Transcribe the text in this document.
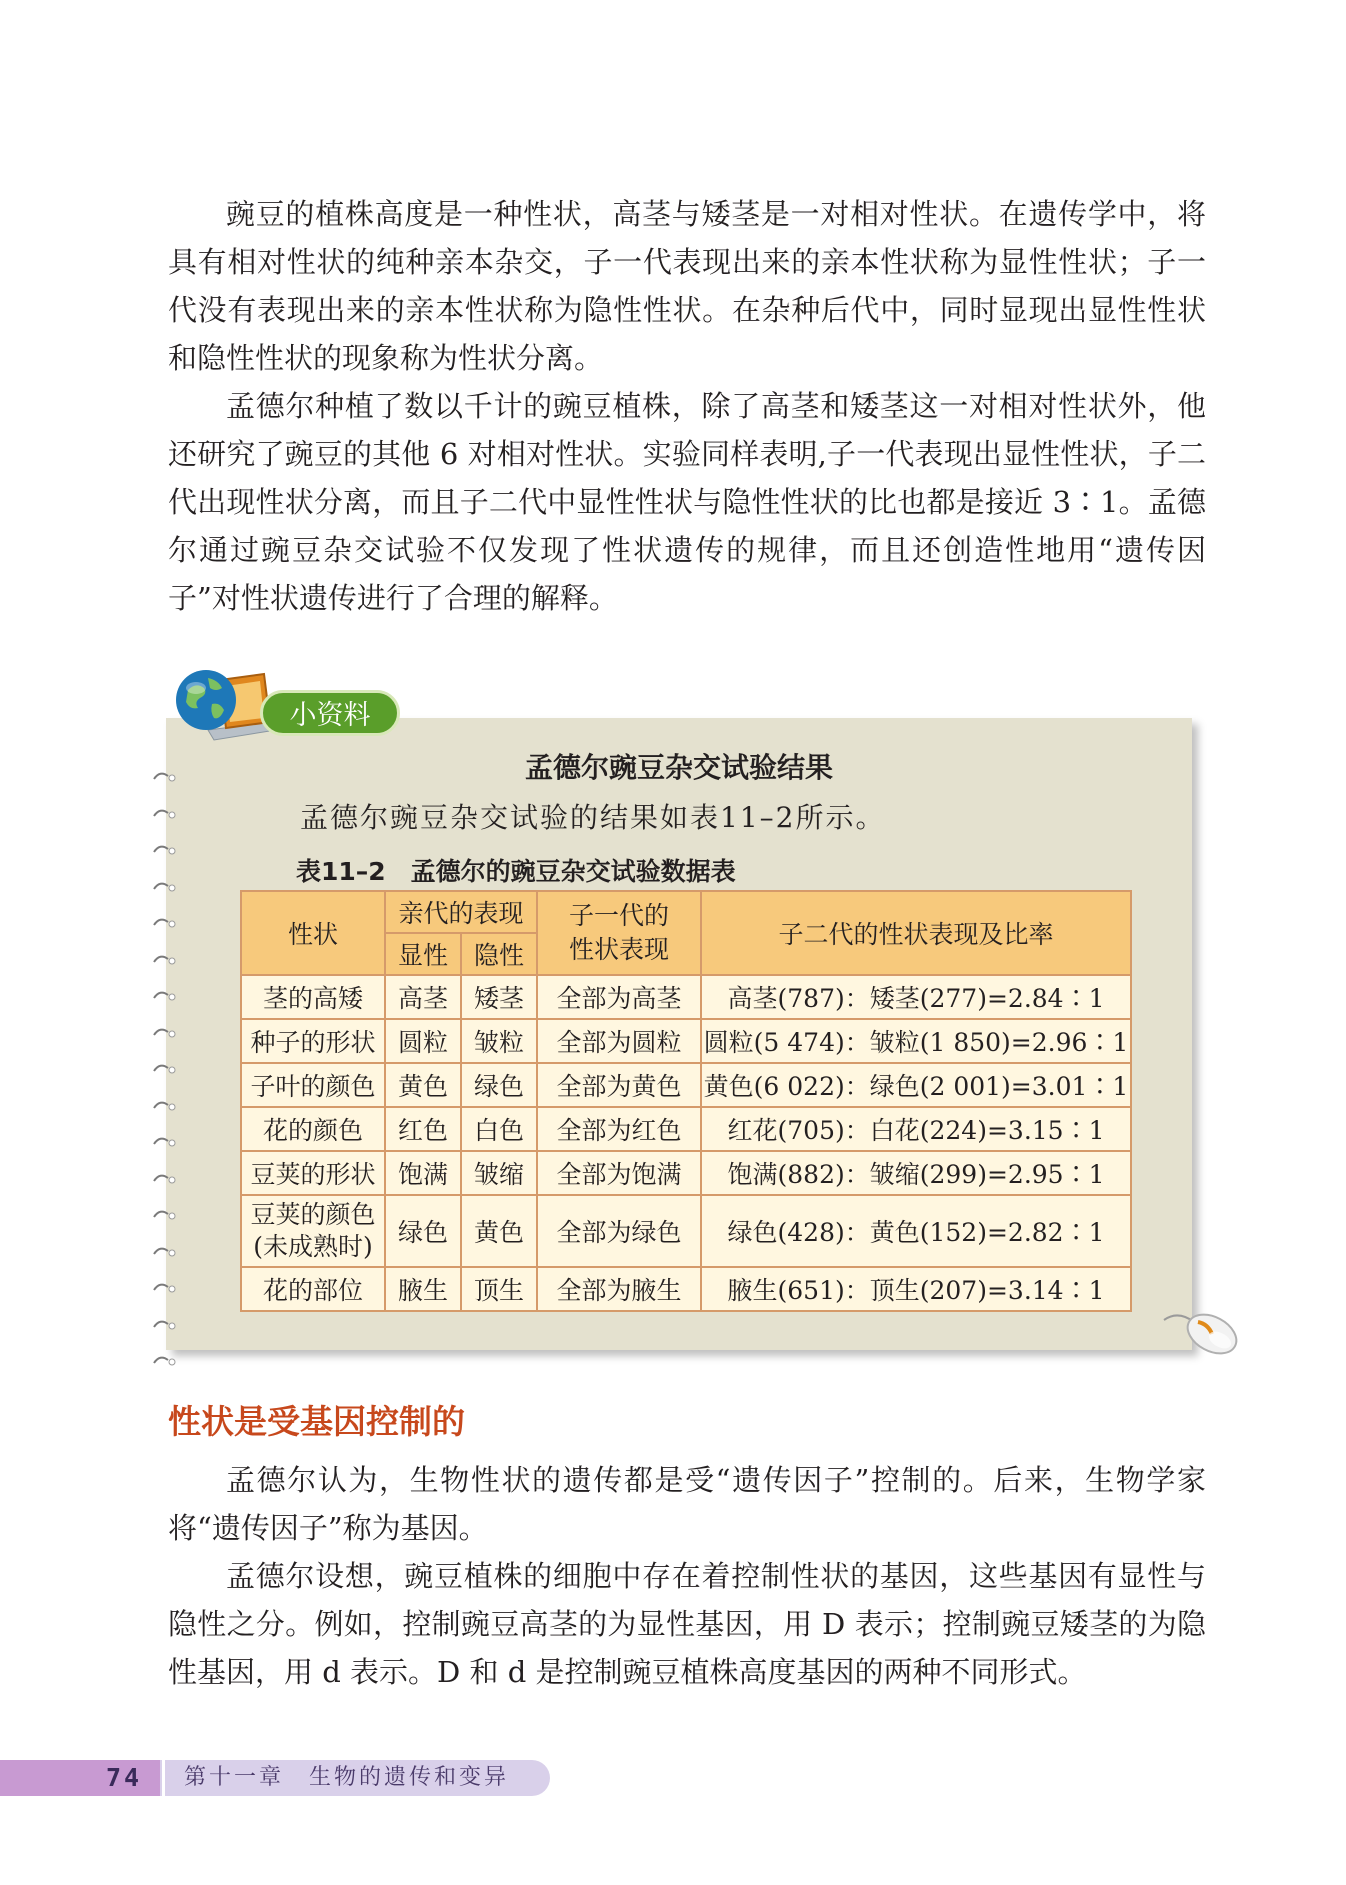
豌豆的植株高度是一种性状，高茎与矮茎是一对相对性状。在遗传学中，将具有相对性状的纯种亲本杂交，子一代表现出来的亲本性状称为显性性状；子一代没有表现出来的亲本性状称为隐性性状。在杂种后代中，同时显现出显性性状和隐性性状的现象称为性状分离。

孟德尔种植了数以千计的豌豆植株，除了高茎和矮茎这一对相对性状外，他还研究了豌豆的其他 6 对相对性状。实验同样表明,子一代表现出显性性状，子二代出现性状分离，而且子二代中显性性状与隐性性状的比也都是接近 3∶1。孟德尔通过豌豆杂交试验不仅发现了性状遗传的规律，而且还创造性地用“遗传因子”对性状遗传进行了合理的解释。

小资料

孟德尔豌豆杂交试验结果

孟德尔豌豆杂交试验的结果如表11–2所示。

表11–2　孟德尔的豌豆杂交试验数据表

性状	亲代的表现		子一代的
性状表现	子二代的性状表现及比率
	显性	隐性		
茎的高矮	高茎	矮茎	全部为高茎	高茎(787)：矮茎(277)=2.84∶1
种子的形状	圆粒	皱粒	全部为圆粒	圆粒(5 474)：皱粒(1 850)=2.96∶1
子叶的颜色	黄色	绿色	全部为黄色	黄色(6 022)：绿色(2 001)=3.01∶1
花的颜色	红色	白色	全部为红色	红花(705)：白花(224)=3.15∶1
豆荚的形状	饱满	皱缩	全部为饱满	饱满(882)：皱缩(299)=2.95∶1
豆荚的颜色
(未成熟时)	绿色	黄色	全部为绿色	绿色(428)：黄色(152)=2.82∶1
花的部位	腋生	顶生	全部为腋生	腋生(651)：顶生(207)=3.14∶1
性状是受基因控制的

孟德尔认为，生物性状的遗传都是受“遗传因子”控制的。后来，生物学家将“遗传因子”称为基因。

孟德尔设想，豌豆植株的细胞中存在着控制性状的基因，这些基因有显性与隐性之分。例如，控制豌豆高茎的为显性基因，用 D 表示；控制豌豆矮茎的为隐性基因，用 d 表示。D 和 d 是控制豌豆植株高度基因的两种不同形式。

74 第十一章　生物的遗传和变异
